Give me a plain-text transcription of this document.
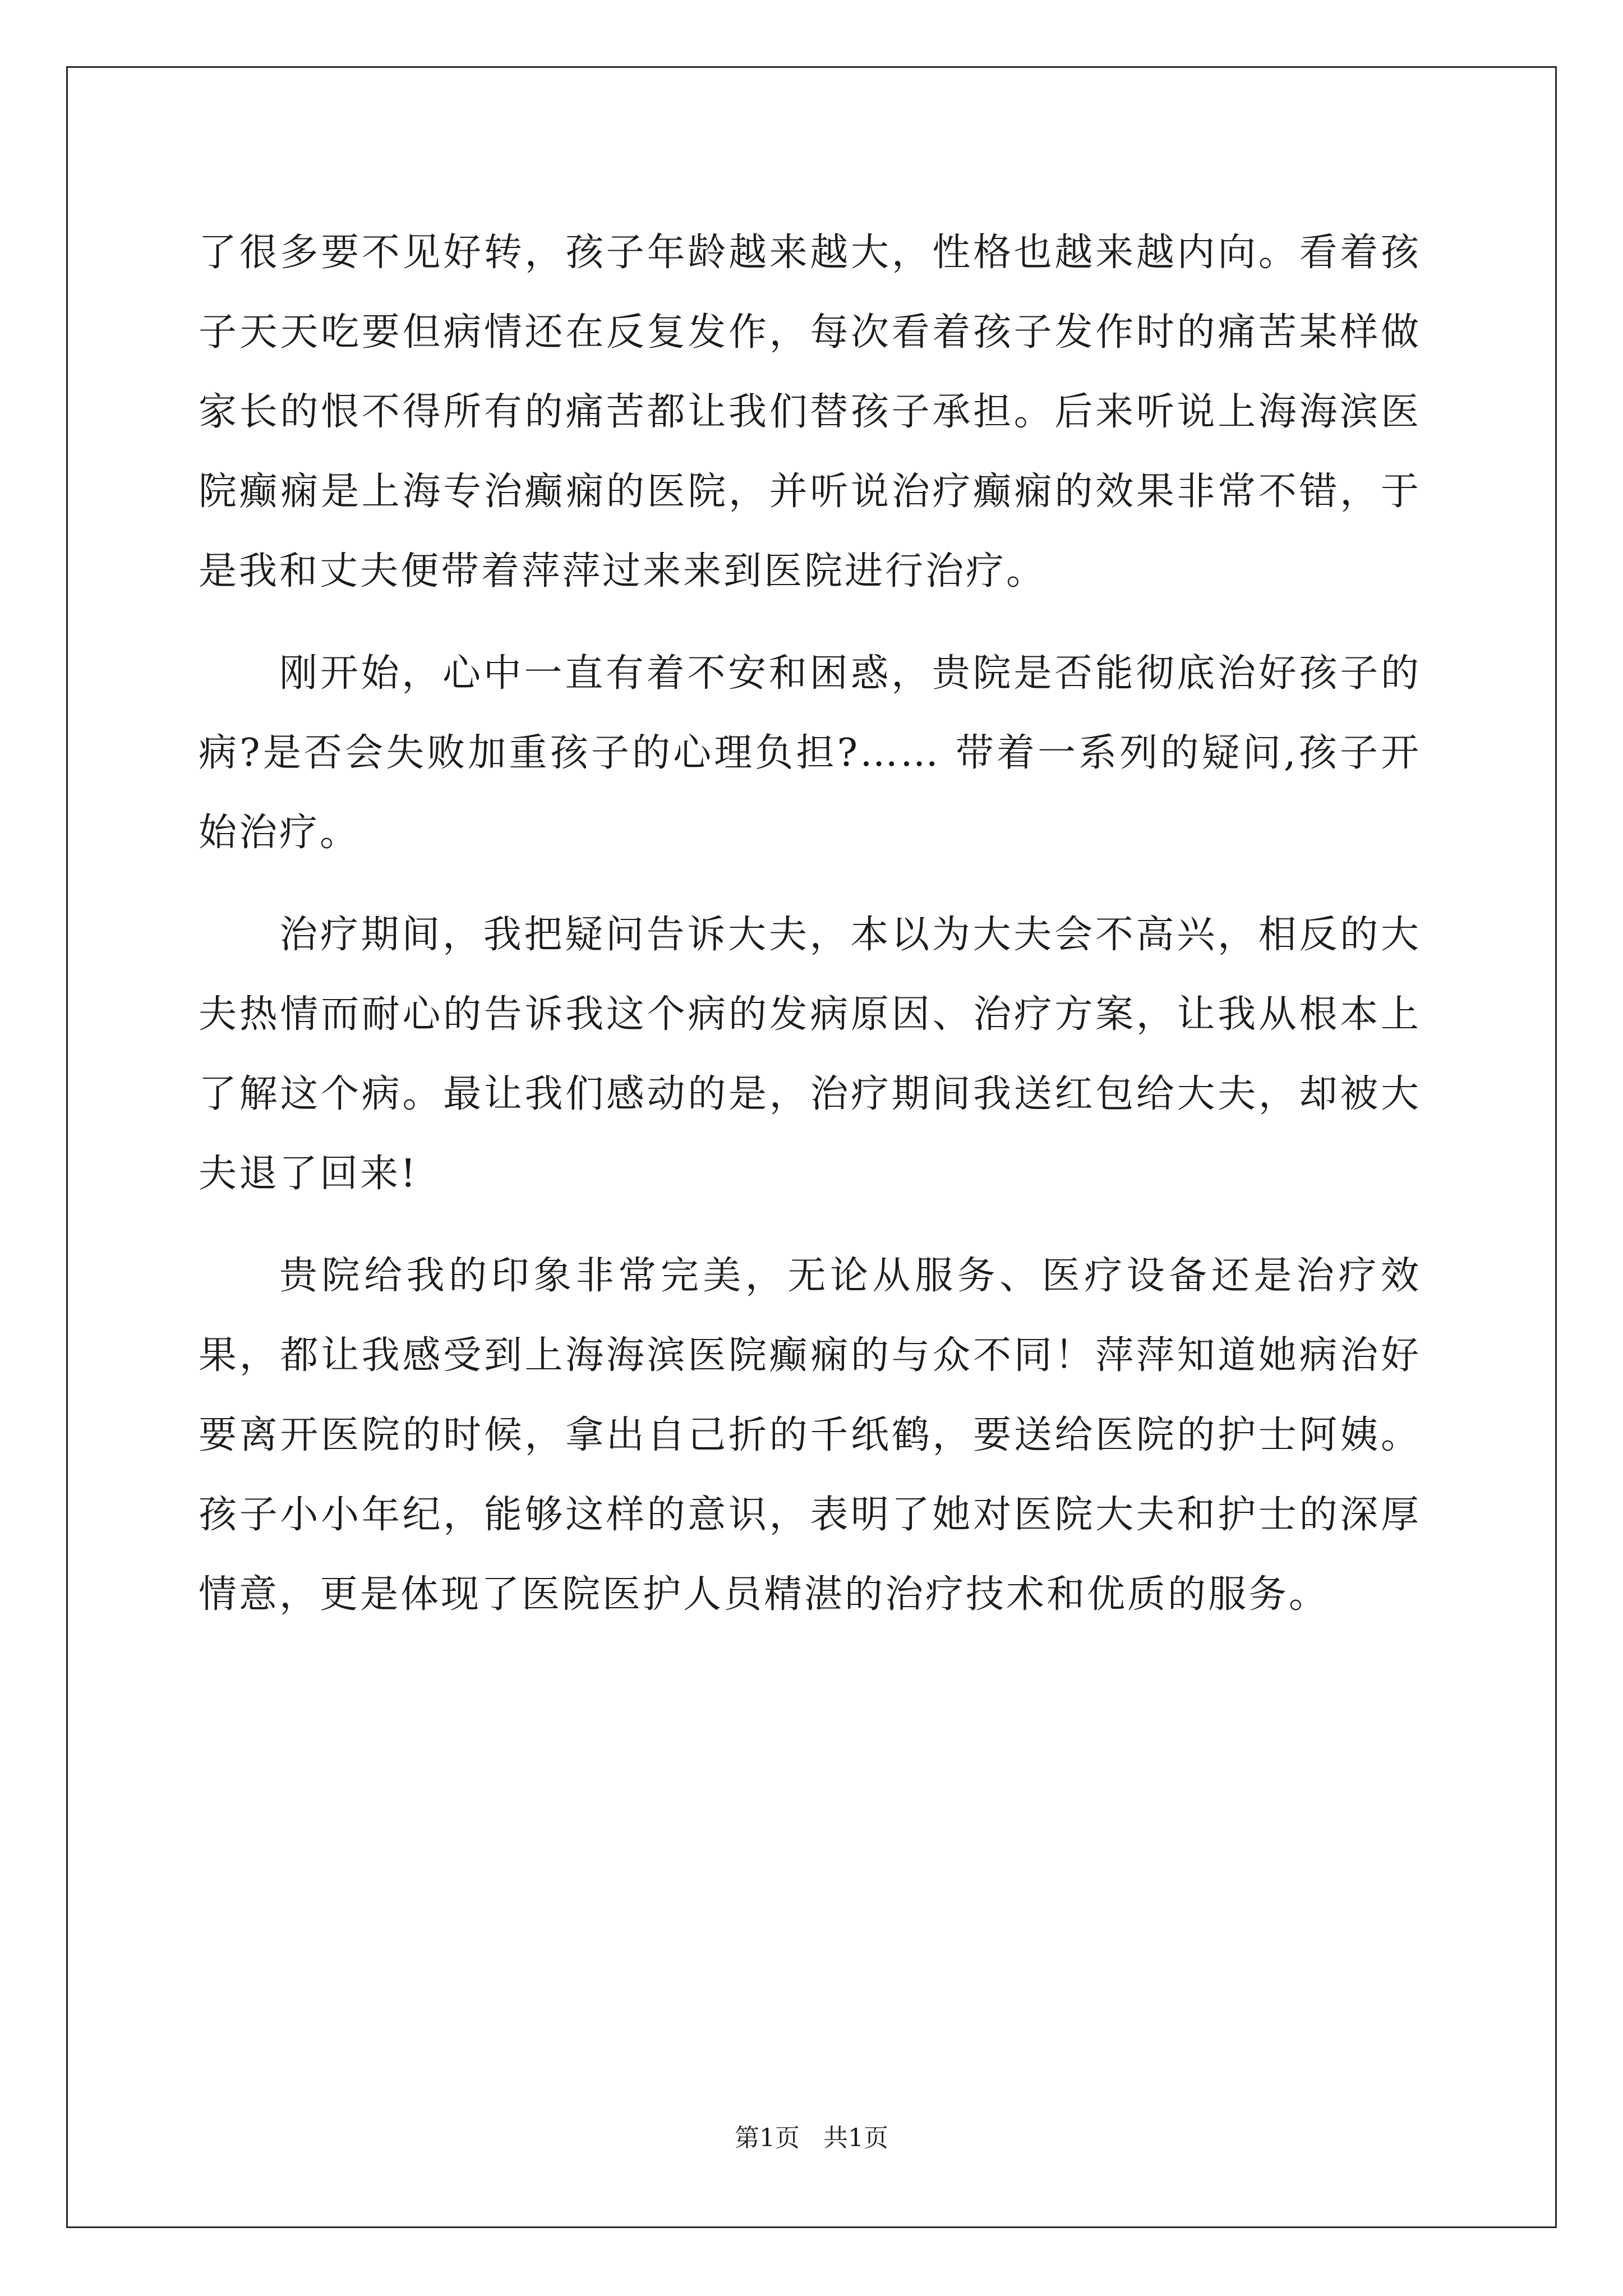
了很多要不见好转，孩子年龄越来越大，性格也越来越内向。看着孩子天天吃要但病情还在反复发作，每次看着孩子发作时的痛苦某样做家长的恨不得所有的痛苦都让我们替孩子承担。后来听说上海海滨医院癫痫是上海专治癫痫的医院，并听说治疗癫痫的效果非常不错，于是我和丈夫便带着萍萍过来来到医院进行治疗。

刚开始，心中一直有着不安和困惑，贵院是否能彻底治好孩子的病?是否会失败加重孩子的心理负担?…… 带着一系列的疑问,孩子开始治疗。

治疗期间，我把疑问告诉大夫，本以为大夫会不高兴，相反的大夫热情而耐心的告诉我这个病的发病原因、治疗方案，让我从根本上了解这个病。最让我们感动的是，治疗期间我送红包给大夫，却被大夫退了回来!

贵院给我的印象非常完美，无论从服务、医疗设备还是治疗效果，都让我感受到上海海滨医院癫痫的与众不同！萍萍知道她病治好要离开医院的时候，拿出自己折的千纸鹤，要送给医院的护士阿姨。孩子小小年纪，能够这样的意识，表明了她对医院大夫和护士的深厚情意，更是体现了医院医护人员精湛的治疗技术和优质的服务。

第1页   共1页
